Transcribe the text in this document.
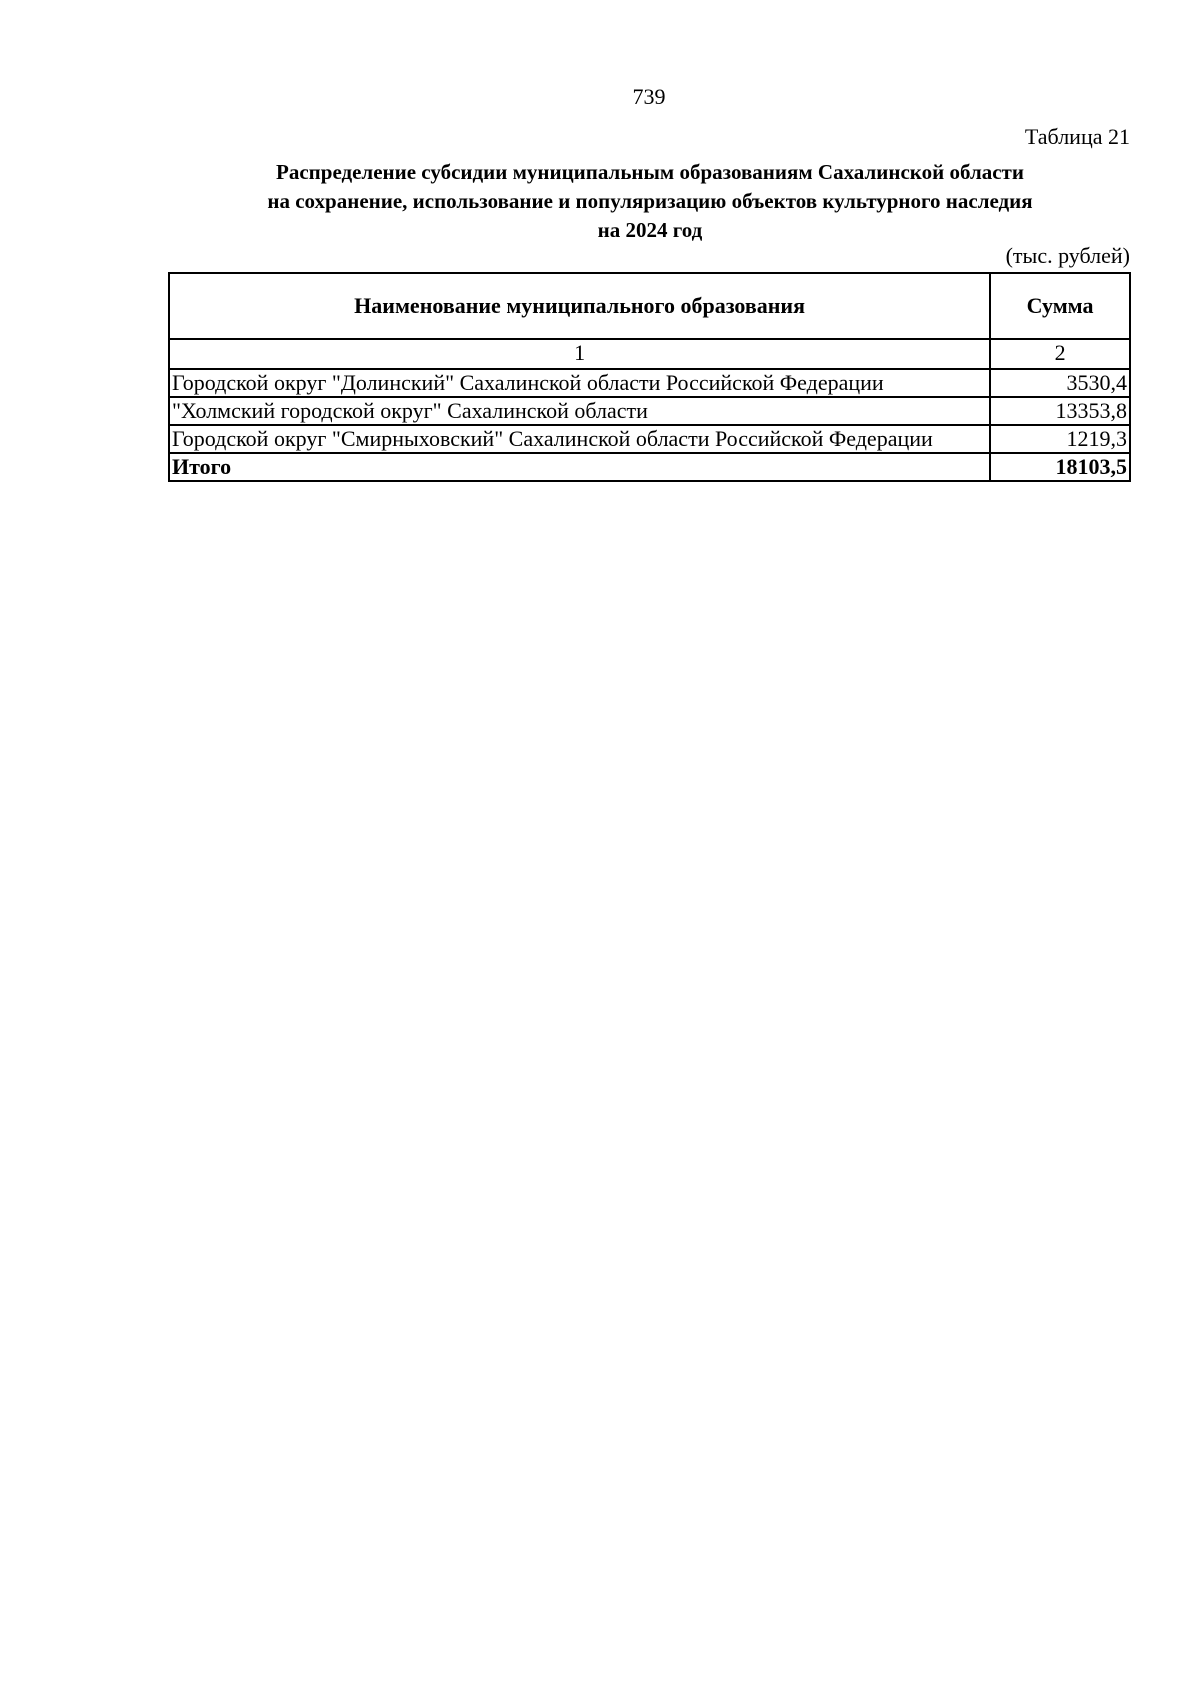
739
Таблица 21
Распределение субсидии муниципальным образованиям Сахалинской области
на сохранение, использование и популяризацию объектов культурного наследия
на 2024 год
(тыс. рублей)
Наименование муниципального образования	Сумма
1	2
Городской округ "Долинский" Сахалинской области Российской Федерации	3530,4
"Холмский городской округ" Сахалинской области	13353,8
Городской округ "Смирныховский" Сахалинской области Российской Федерации	1219,3
Итого	18103,5
